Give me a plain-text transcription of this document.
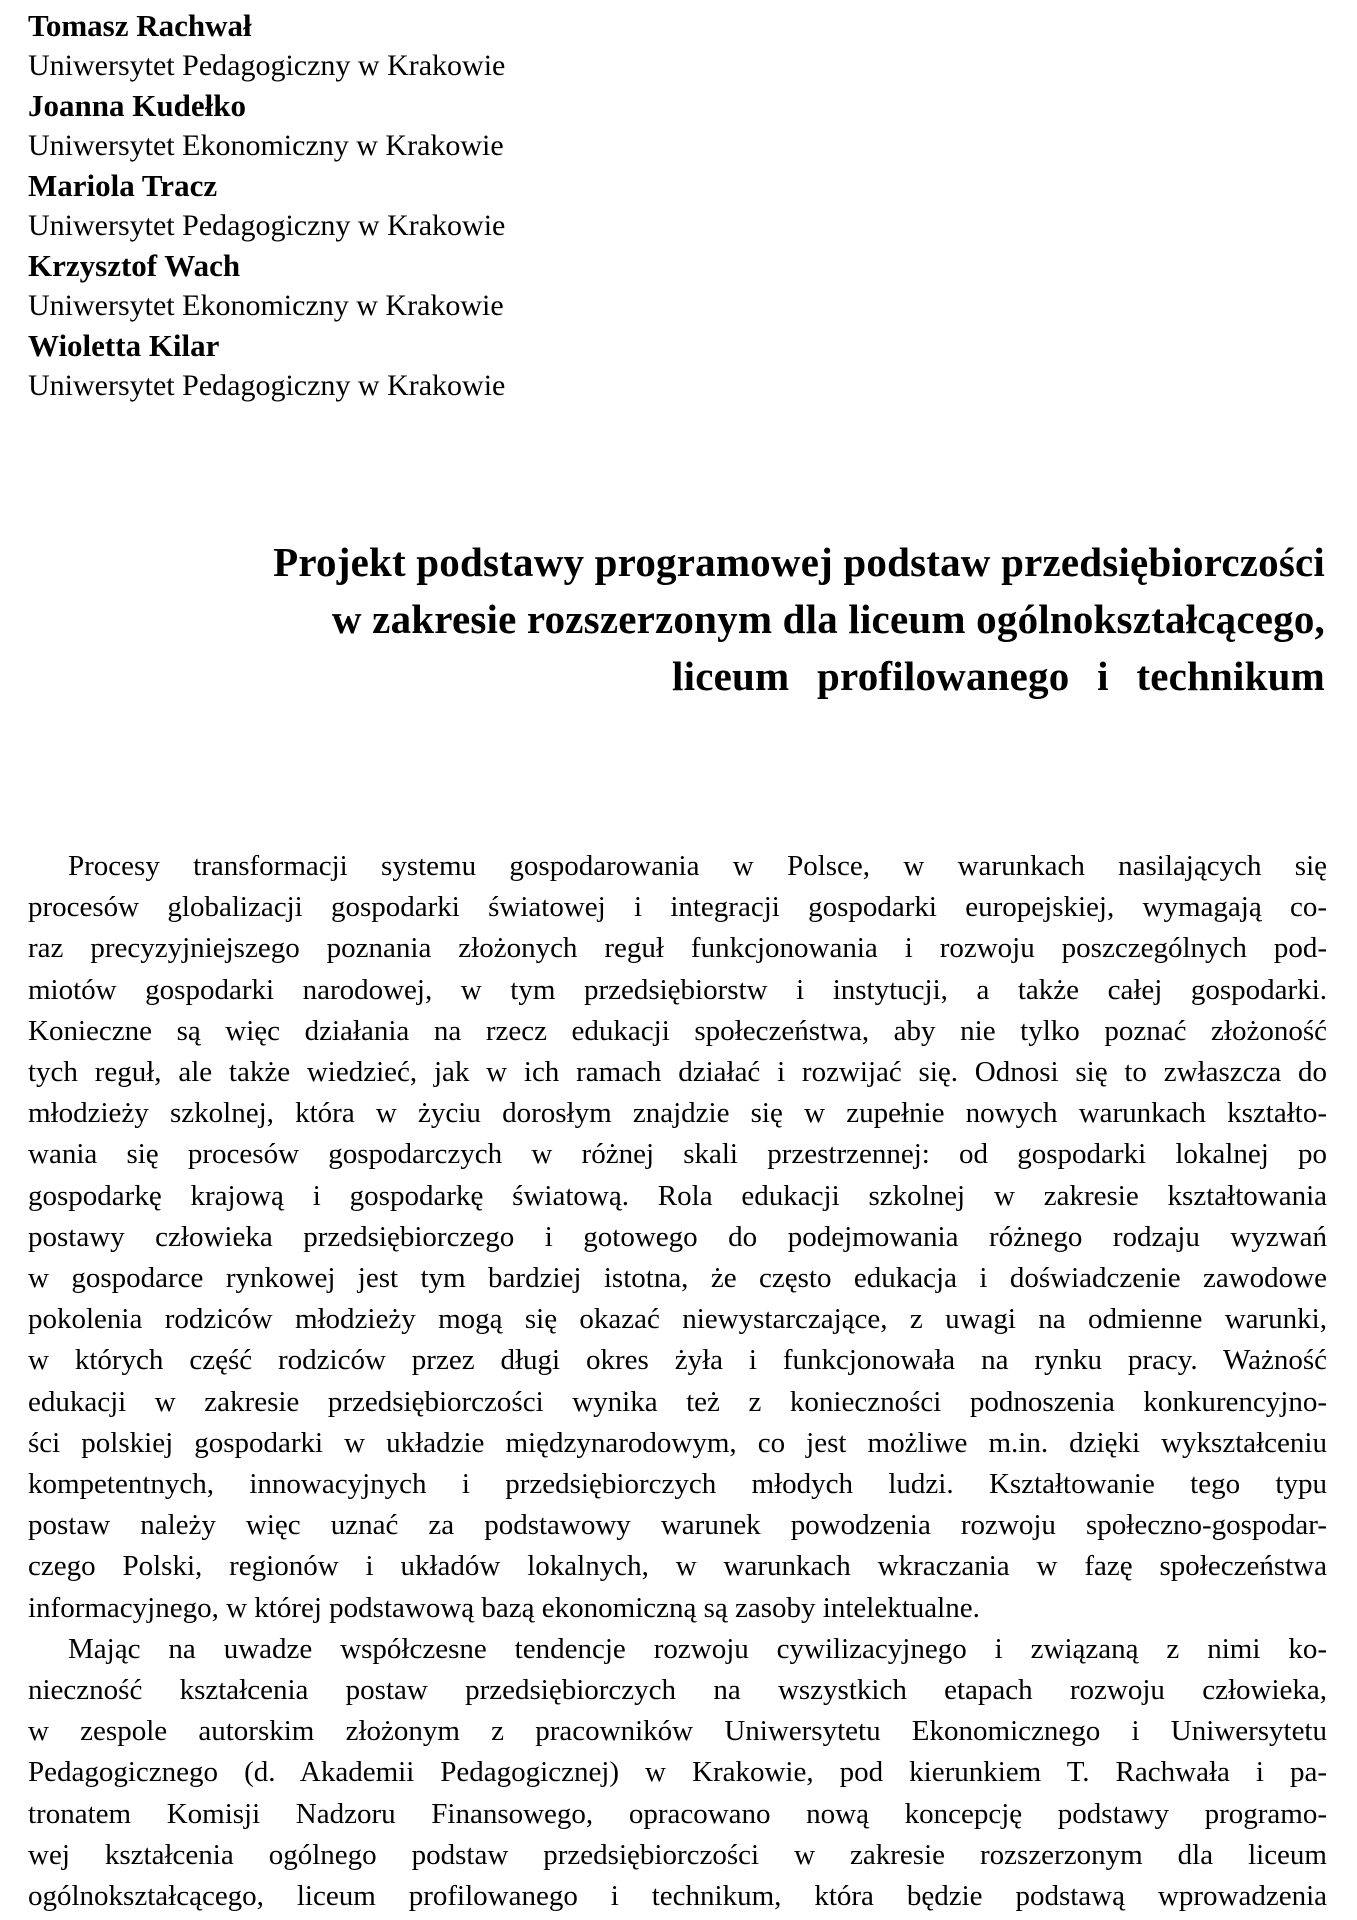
Tomasz Rachwał
Uniwersytet Pedagogiczny w Krakowie
Joanna Kudełko
Uniwersytet Ekonomiczny w Krakowie
Mariola Tracz
Uniwersytet Pedagogiczny w Krakowie
Krzysztof Wach
Uniwersytet Ekonomiczny w Krakowie
Wioletta Kilar
Uniwersytet Pedagogiczny w Krakowie
Projekt podstawy programowej podstaw przedsiębiorczości
w zakresie rozszerzonym dla liceum ogólnokształcącego,
liceum profilowanego i technikum
Procesy transformacji systemu gospodarowania w Polsce, w warunkach nasilających się
procesów globalizacji gospodarki światowej i integracji gospodarki europejskiej, wymagają co-
raz precyzyjniejszego poznania złożonych reguł funkcjonowania i rozwoju poszczególnych pod-
miotów gospodarki narodowej, w tym przedsiębiorstw i instytucji, a także całej gospodarki.
Konieczne są więc działania na rzecz edukacji społeczeństwa, aby nie tylko poznać złożoność
tych reguł, ale także wiedzieć, jak w ich ramach działać i rozwijać się. Odnosi się to zwłaszcza do
młodzieży szkolnej, która w życiu dorosłym znajdzie się w zupełnie nowych warunkach kształto-
wania się procesów gospodarczych w różnej skali przestrzennej: od gospodarki lokalnej po
gospodarkę krajową i gospodarkę światową. Rola edukacji szkolnej w zakresie kształtowania
postawy człowieka przedsiębiorczego i gotowego do podejmowania różnego rodzaju wyzwań
w gospodarce rynkowej jest tym bardziej istotna, że często edukacja i doświadczenie zawodowe
pokolenia rodziców młodzieży mogą się okazać niewystarczające, z uwagi na odmienne warunki,
w których część rodziców przez długi okres żyła i funkcjonowała na rynku pracy. Ważność
edukacji w zakresie przedsiębiorczości wynika też z konieczności podnoszenia konkurencyjno-
ści polskiej gospodarki w układzie międzynarodowym, co jest możliwe m.in. dzięki wykształceniu
kompetentnych, innowacyjnych i przedsiębiorczych młodych ludzi. Kształtowanie tego typu
postaw należy więc uznać za podstawowy warunek powodzenia rozwoju społeczno-gospodar-
czego Polski, regionów i układów lokalnych, w warunkach wkraczania w fazę społeczeństwa
informacyjnego, w której podstawową bazą ekonomiczną są zasoby intelektualne.
Mając na uwadze współczesne tendencje rozwoju cywilizacyjnego i związaną z nimi ko-
nieczność kształcenia postaw przedsiębiorczych na wszystkich etapach rozwoju człowieka,
w zespole autorskim złożonym z pracowników Uniwersytetu Ekonomicznego i Uniwersytetu
Pedagogicznego (d. Akademii Pedagogicznej) w Krakowie, pod kierunkiem T. Rachwała i pa-
tronatem Komisji Nadzoru Finansowego, opracowano nową koncepcję podstawy programo-
wej kształcenia ogólnego podstaw przedsiębiorczości w zakresie rozszerzonym dla liceum
ogólnokształcącego, liceum profilowanego i technikum, która będzie podstawą wprowadzenia
